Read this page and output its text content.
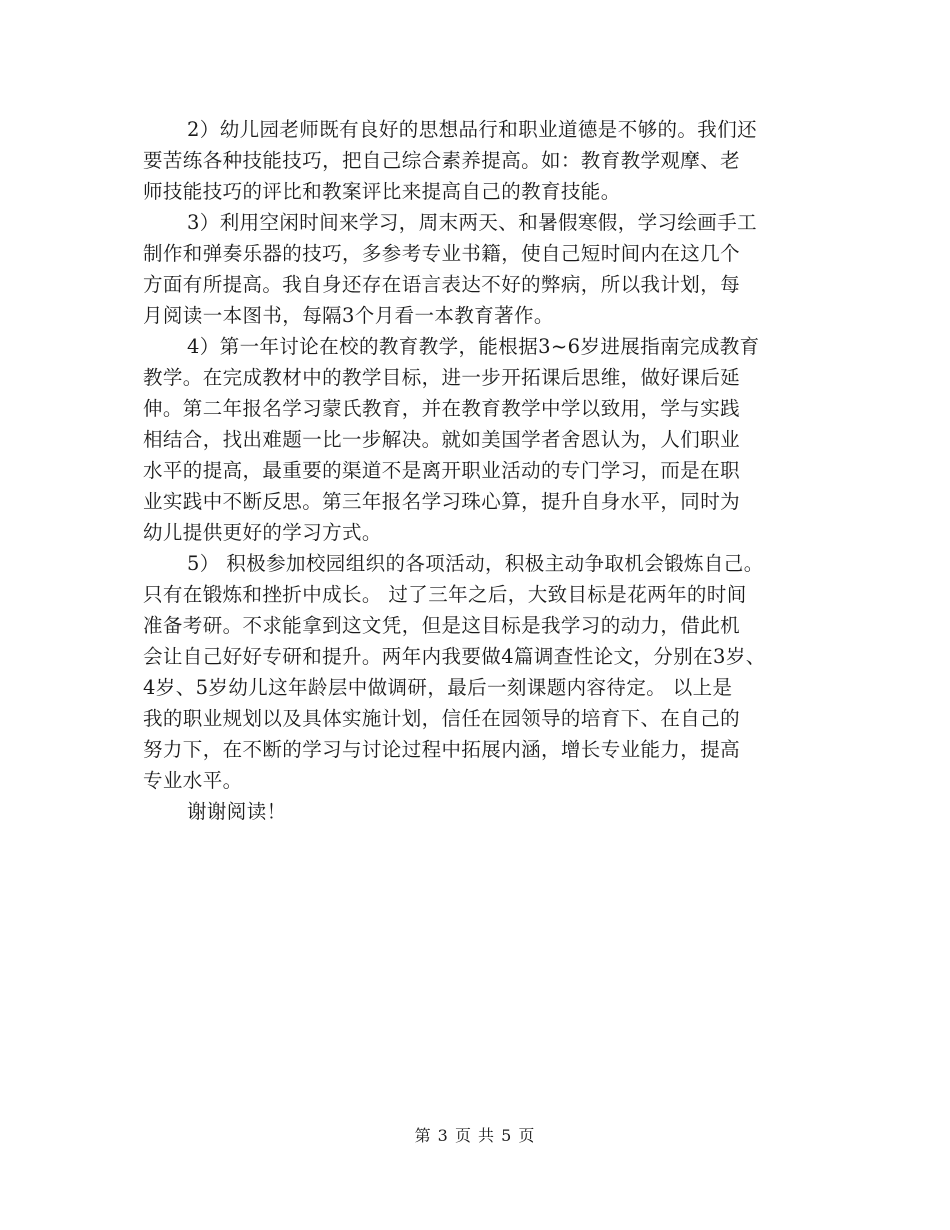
2）幼儿园老师既有良好的思想品行和职业道德是不够的。我们还
要苦练各种技能技巧，把自己综合素养提高。如：教育教学观摩、老
师技能技巧的评比和教案评比来提高自己的教育技能。
3）利用空闲时间来学习，周末两天、和暑假寒假，学习绘画手工
制作和弹奏乐器的技巧，多参考专业书籍，使自己短时间内在这几个
方面有所提高。我自身还存在语言表达不好的弊病，所以我计划，每
月阅读一本图书，每隔3个月看一本教育著作。
4）第一年讨论在校的教育教学，能根据3~6岁进展指南完成教育
教学。在完成教材中的教学目标，进一步开拓课后思维，做好课后延
伸。第二年报名学习蒙氏教育，并在教育教学中学以致用，学与实践
相结合，找出难题一比一步解决。就如美国学者舍恩认为，人们职业
水平的提高，最重要的渠道不是离开职业活动的专门学习，而是在职
业实践中不断反思。第三年报名学习珠心算，提升自身水平，同时为
幼儿提供更好的学习方式。
5） 积极参加校园组织的各项活动，积极主动争取机会锻炼自己。
只有在锻炼和挫折中成长。 过了三年之后，大致目标是花两年的时间
准备考研。不求能拿到这文凭，但是这目标是我学习的动力，借此机
会让自己好好专研和提升。两年内我要做4篇调查性论文，分别在3岁、
4岁、5岁幼儿这年龄层中做调研，最后一刻课题内容待定。 以上是
我的职业规划以及具体实施计划，信任在园领导的培育下、在自己的
努力下，在不断的学习与讨论过程中拓展内涵，增长专业能力，提高
专业水平。
谢谢阅读！
第 3 页 共 5 页
